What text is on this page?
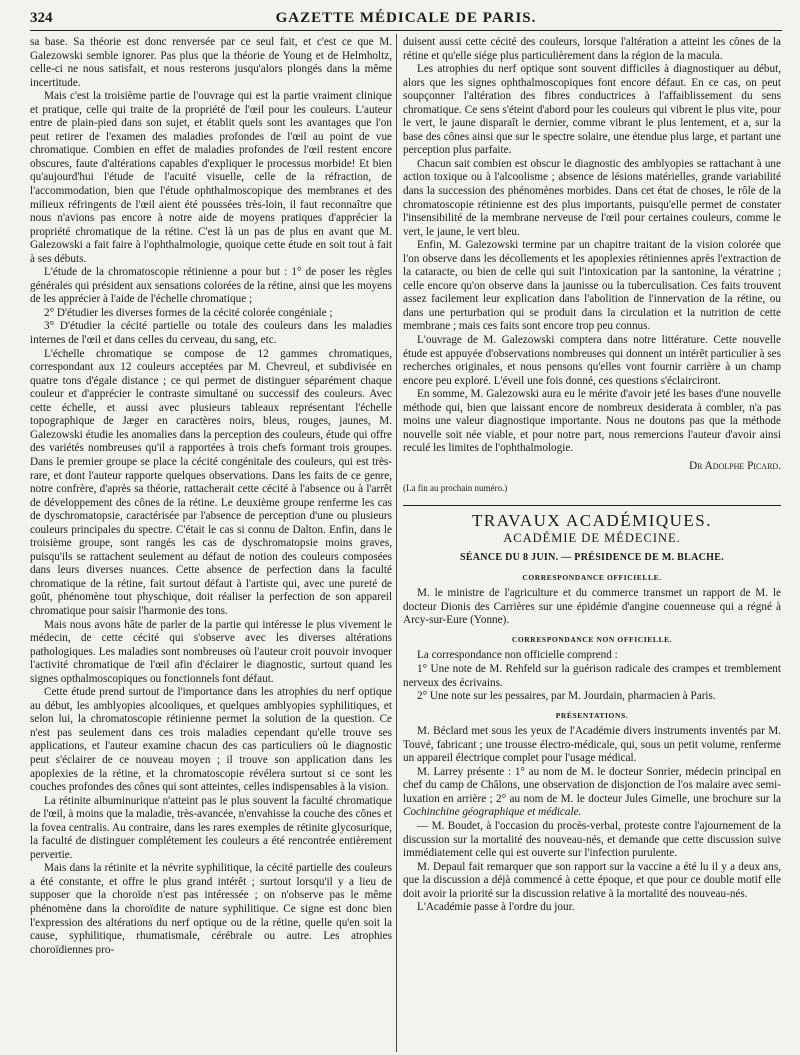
324	GAZETTE MÉDICALE DE PARIS.

sa base. Sa théorie est donc renversée par ce seul fait, et c'est ce que M. Galezowski semble ignorer. Pas plus que la théorie de Young et de Helmholtz, celle-ci ne nous satisfait, et nous resterons jusqu'alors plongés dans la même incertitude.

Mais c'est la troisième partie de l'ouvrage qui est la partie vraiment clinique et pratique, celle qui traite de la propriété de l'œil pour les couleurs. L'auteur entre de plain-pied dans son sujet, et établit quels sont les avantages que l'on peut retirer de l'examen des maladies profondes de l'œil au point de vue chromatique. Combien en effet de maladies profondes de l'œil restent encore obscures, faute d'altérations capables d'expliquer le processus morbide! Et bien qu'aujourd'hui l'étude de l'acuité visuelle, celle de la réfraction, de l'accommodation, bien que l'étude ophthalmoscopique des membranes et des milieux réfringents de l'œil aient été poussées très-loin, il faut reconnaître que nous n'avions pas encore à notre aide de moyens pratiques d'apprécier la propriété chromatique de la rétine. C'est là un pas de plus en avant que M. Galezowski a fait faire à l'ophthalmologie, quoique cette étude en soit tout à fait à ses débuts.

L'étude de la chromatoscopie rétinienne a pour but : 1° de poser les règles générales qui président aux sensations colorées de la rétine, ainsi que les moyens de les apprécier à l'aide de l'échelle chromatique ;

2° D'étudier les diverses formes de la cécité colorée congéniale ;

3° D'étudier la cécité partielle ou totale des couleurs dans les maladies internes de l'œil et dans celles du cerveau, du sang, etc.

L'échelle chromatique se compose de 12 gammes chromatiques, correspondant aux 12 couleurs acceptées par M. Chevreul, et subdivisée en quatre tons d'égale distance ; ce qui permet de distinguer séparément chaque couleur et d'apprécier le contraste simultané ou successif des couleurs. Avec cette échelle, et aussi avec plusieurs tableaux représentant l'échelle topographique de Jæger en caractères noirs, bleus, rouges, jaunes, M. Galezowski étudie les anomalies dans la perception des couleurs, étude qui offre des variétés nombreuses qu'il a rapportées à trois chefs formant trois groupes. Dans le premier groupe se place la cécité congénitale des couleurs, qui est très-rare, et dont l'auteur rapporte quelques observations. Dans les faits de ce genre, notre confrère, d'après sa théorie, rattacherait cette cécité à l'absence ou à l'arrêt de développement des cônes de la rétine. Le deuxième groupe renferme les cas de dyschromatopsie, caractérisée par l'absence de perception d'une ou plusieurs couleurs principales du spectre. C'était le cas si connu de Dalton. Enfin, dans le troisième groupe, sont rangés les cas de dyschromatopsie moins graves, puisqu'ils se rattachent seulement au défaut de notion des couleurs composées dans leurs diverses nuances. Cette absence de perfection dans la faculté chromatique de la rétine, fait surtout défaut à l'artiste qui, avec une pureté de goût, phénomène tout physchique, doit réaliser la perfection de son appareil chromatique pour saisir l'harmonie des tons.

Mais nous avons hâte de parler de la partie qui intéresse le plus vivement le médecin, de cette cécité qui s'observe avec les diverses altérations pathologiques. Les maladies sont nombreuses où l'auteur croit pouvoir invoquer l'activité chromatique de l'œil afin d'éclairer le diagnostic, surtout quand les signes opthalmoscopiques ou fonctionnels font défaut.

Cette étude prend surtout de l'importance dans les atrophies du nerf optique au début, les amblyopies alcooliques, et quelques amblyopies syphilitiques, et selon lui, la chromatoscopie rétinienne permet la solution de la question. Ce n'est pas seulement dans ces trois maladies cependant qu'elle trouve ses applications, et l'auteur examine chacun des cas particuliers où le diagnostic peut s'éclairer de ce nouveau moyen ; il trouve son application dans les apoplexies de la rétine, et la chromatoscopie révélera surtout si ce sont les couches profondes des cônes qui sont atteintes, celles indispensables à la vision.

La rétinite albuminurique n'atteint pas le plus souvent la faculté chromatique de l'œil, à moins que la maladie, très-avancée, n'envahisse la couche des cônes et la fovea centralis. Au contraire, dans les rares exemples de rétinite glycosurique, la faculté de distinguer complétement les couleurs a été rencontrée entièrement pervertie.

Mais dans la rétinite et la névrite syphilitique, la cécité partielle des couleurs a été constante, et offre le plus grand intérêt ; surtout lorsqu'il y a lieu de supposer que la choroïde n'est pas intéressée ; on n'observe pas le même phénomène dans la choroïdite de nature syphilitique. Ce signe est donc bien l'expression des altérations du nerf optique ou de la rétine, quelle qu'en soit la cause, syphilitique, rhumatismale, cérébrale ou autre. Les atrophies choroïdiennes pro-

duisent aussi cette cécité des couleurs, lorsque l'altération a atteint les cônes de la rétine et qu'elle siége plus particulièrement dans la région de la macula.

Les atrophies du nerf optique sont souvent difficiles à diagnostiquer au début, alors que les signes ophthalmoscopiques font encore défaut. En ce cas, on peut soupçonner l'altération des fibres conductrices à l'affaiblissement du sens chromatique. Ce sens s'éteint d'abord pour les couleurs qui vibrent le plus vite, pour le vert, le jaune disparaît le dernier, comme vibrant le plus lentement, et a, sur la base des cônes ainsi que sur le spectre solaire, une étendue plus large, et partant une perception plus parfaite.

Chacun sait combien est obscur le diagnostic des amblyopies se rattachant à une action toxique ou à l'alcoolisme ; absence de lésions matérielles, grande variabilité dans la succession des phénomènes morbides. Dans cet état de choses, le rôle de la chromatoscopie rétinienne est des plus importants, puisqu'elle permet de constater l'insensibilité de la membrane nerveuse de l'œil pour certaines couleurs, comme le vert, le jaune, le vert bleu.

Enfin, M. Galezowski termine par un chapitre traitant de la vision colorée que l'on observe dans les décollements et les apoplexies rétiniennes après l'extraction de la cataracte, ou bien de celle qui suit l'intoxication par la santonine, la vératrine ; celle encore qu'on observe dans la jaunisse ou la tuberculisation. Ces faits trouvent assez facilement leur explication dans l'abolition de l'innervation de la rétine, ou dans une perturbation qui se produit dans la circulation et la nutrition de cette membrane ; mais ces faits sont encore trop peu connus.

L'ouvrage de M. Galezowski comptera dans notre littérature. Cette nouvelle étude est appuyée d'observations nombreuses qui donnent un intérêt particulier à ses recherches originales, et nous pensons qu'elles vont fournir carrière à un champ encore peu exploré. L'éveil une fois donné, ces questions s'éclairciront.

En somme, M. Galezowski aura eu le mérite d'avoir jeté les bases d'une nouvelle méthode qui, bien que laissant encore de nombreux desiderata à combler, n'a pas moins une valeur diagnostique importante. Nous ne doutons pas que la méthode nouvelle soit née viable, et pour notre part, nous remercions l'auteur d'avoir ainsi reculé les limites de l'ophthalmologie.

Dr Adolphe Picard.

(La fin au prochain numéro.)

TRAVAUX ACADÉMIQUES.
ACADÉMIE DE MÉDECINE.
SÉANCE DU 8 JUIN. — PRÉSIDENCE DE M. BLACHE.
CORRESPONDANCE OFFICIELLE.

M. le ministre de l'agriculture et du commerce transmet un rapport de M. le docteur Dionis des Carrières sur une épidémie d'angine couenneuse qui a régné à Arcy-sur-Eure (Yonne).

CORRESPONDANCE NON OFFICIELLE.

La correspondance non officielle comprend :

1° Une note de M. Rehfeld sur la guérison radicale des crampes et tremblement nerveux des écrivains.

2° Une note sur les pessaires, par M. Jourdain, pharmacien à Paris.

PRÉSENTATIONS.

M. Béclard met sous les yeux de l'Académie divers instruments inventés par M. Touvé, fabricant ; une trousse électro-médicale, qui, sous un petit volume, renferme un appareil électrique complet pour l'usage médical.

M. Larrey présente : 1° au nom de M. le docteur Sonrier, médecin principal en chef du camp de Châlons, une observation de disjonction de l'os malaire avec semi-luxation en arrière ; 2° au nom de M. le docteur Jules Gimelle, une brochure sur la Cochinchine géographique et médicale.

— M. Boudet, à l'occasion du procès-verbal, proteste contre l'ajournement de la discussion sur la mortalité des nouveau-nés, et demande que cette discussion suive immédiatement celle qui est ouverte sur l'infection purulente.

M. Depaul fait remarquer que son rapport sur la vaccine a été lu il y a deux ans, que la discussion a déjà commencé à cette époque, et que pour ce double motif elle doit avoir la priorité sur la discussion relative à la mortalité des nouveau-nés.

L'Académie passe à l'ordre du jour.
